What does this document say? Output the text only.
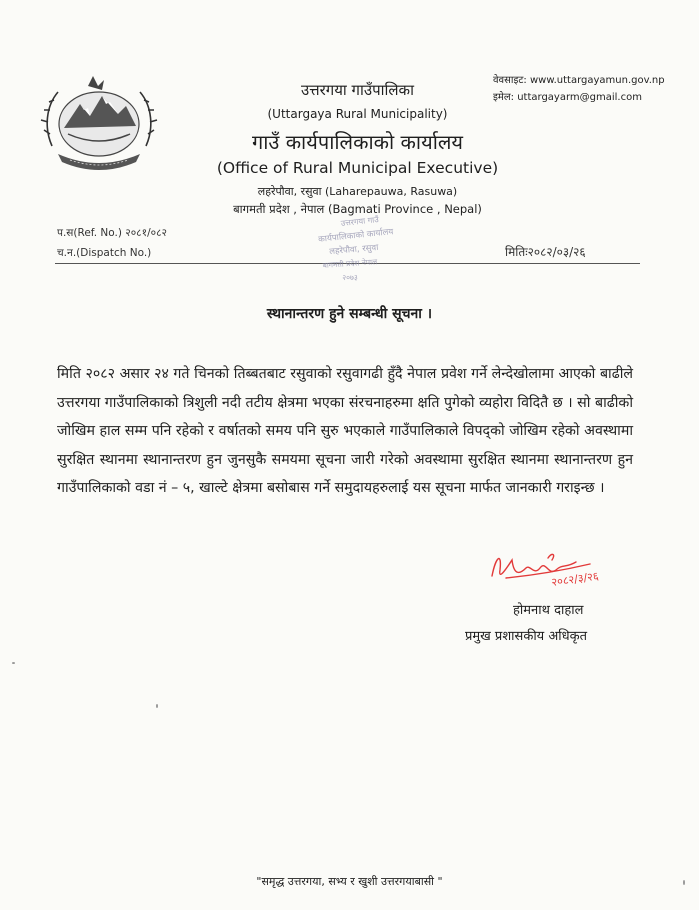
उत्तरगया गाउँपालिका
(Uttargaya Rural Municipality)
गाउँ कार्यपालिकाको कार्यालय
(Office of Rural Municipal Executive)
लहरेपौवा, रसुवा (Laharepauwa, Rasuwa)
बागमती प्रदेश , नेपाल (Bagmati Province , Nepal)
वेवसाइट: www.uttargayamun.gov.np
इमेल: uttargayarm@gmail.com
प.स(Ref. No.) २०८१/०८२
च.न.(Dispatch No.)	मितिः२०८२/०३/२६
उत्तरगया गाउँ
कार्यपालिकाको कार्यालय
लहरेपौवा, रसुवा
बागमती प्रदेश नेपाल
२०७३
स्थानान्तरण हुने सम्बन्धी सूचना ।
मिति २०८२ असार २४ गते चिनको तिब्बतबाट रसुवाको रसुवागढी हुँदै नेपाल प्रवेश गर्ने लेन्देखोलामा आएको बाढीले उत्तरगया गाउँपालिकाको त्रिशुली नदी तटीय क्षेत्रमा भएका संरचनाहरुमा क्षति पुगेको व्यहोरा विदितै छ । सो बाढीको जोखिम हाल सम्म पनि रहेको र वर्षातको समय पनि सुरु भएकाले गाउँपालिकाले विपद्को जोखिम रहेको अवस्थामा सुरक्षित स्थानमा स्थानान्तरण हुन जुनसुकै समयमा सूचना जारी गरेको अवस्थामा सुरक्षित स्थानमा स्थानान्तरण हुन गाउँपालिकाको वडा नं – ५, खाल्टे क्षेत्रमा बसोबास गर्ने समुदायहरुलाई यस सूचना मार्फत जानकारी गराइन्छ ।
२०८२/३/२६
होमनाथ दाहाल
प्रमुख प्रशासकीय अधिकृत
"समृद्ध उत्तरगया, सभ्य र खुशी उत्तरगयाबासी "
